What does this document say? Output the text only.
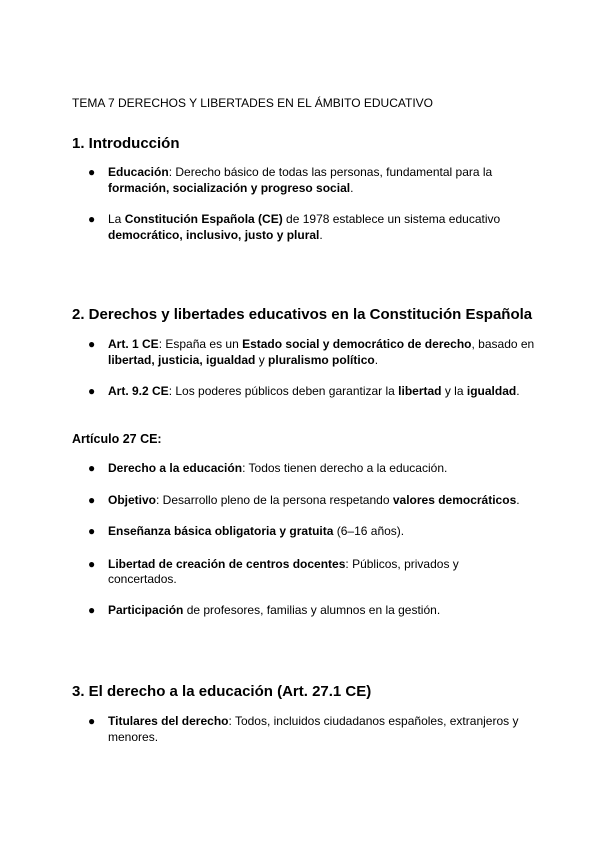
TEMA 7 DERECHOS Y LIBERTADES EN EL ÁMBITO EDUCATIVO
1. Introducción
● Educación: Derecho básico de todas las personas, fundamental para la formación, socialización y progreso social.
● La Constitución Española (CE) de 1978 establece un sistema educativo democrático, inclusivo, justo y plural.
2. Derechos y libertades educativos en la Constitución Española
● Art. 1 CE: España es un Estado social y democrático de derecho, basado en libertad, justicia, igualdad y pluralismo político.
● Art. 9.2 CE: Los poderes públicos deben garantizar la libertad y la igualdad.
Artículo 27 CE:
● Derecho a la educación: Todos tienen derecho a la educación.
● Objetivo: Desarrollo pleno de la persona respetando valores democráticos.
● Enseñanza básica obligatoria y gratuita (6–16 años).
● Libertad de creación de centros docentes: Públicos, privados y concertados.
● Participación de profesores, familias y alumnos en la gestión.
3. El derecho a la educación (Art. 27.1 CE)
● Titulares del derecho: Todos, incluidos ciudadanos españoles, extranjeros y menores.
